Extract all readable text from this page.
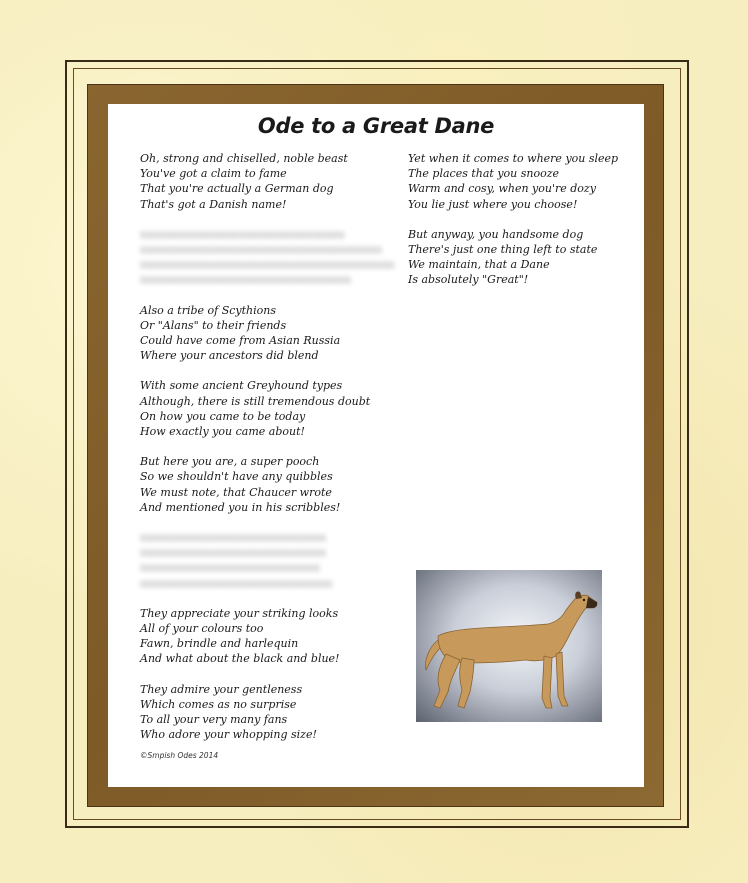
Ode to a Great Dane
Oh, strong and chiselled, noble beast
You've got a claim to fame
That you're actually a German dog
That's got a Danish name!
xxxxxxxxxxxxxxxxxxxxxxxxxxxxxxxxx
xxxxxxxxxxxxxxxxxxxxxxxxxxxxxxxxxxxxxxx
xxxxxxxxxxxxxxxxxxxxxxxxxxxxxxxxxxxxxxxxx
xxxxxxxxxxxxxxxxxxxxxxxxxxxxxxxxxx
Also a tribe of Scythions
Or "Alans" to their friends
Could have come from Asian Russia
Where your ancestors did blend
With some ancient Greyhound types
Although, there is still tremendous doubt
On how you came to be today
How exactly you came about!
But here you are, a super pooch
So we shouldn't have any quibbles
We must note, that Chaucer wrote
And mentioned you in his scribbles!
xxxxxxxxxxxxxxxxxxxxxxxxxxxxxx
xxxxxxxxxxxxxxxxxxxxxxxxxxxxxx
xxxxxxxxxxxxxxxxxxxxxxxxxxxxx
xxxxxxxxxxxxxxxxxxxxxxxxxxxxxxx
They appreciate your striking looks
All of your colours too
Fawn, brindle and harlequin
And what about the black and blue!
They admire your gentleness
Which comes as no surprise
To all your very many fans
Who adore your whopping size!
Yet when it comes to where you sleep
The places that you snooze
Warm and cosy, when you're dozy
You lie just where you choose!
But anyway, you handsome dog
There's just one thing left to state
We maintain, that a Dane
Is absolutely "Great"!
©Smpish Odes 2014
